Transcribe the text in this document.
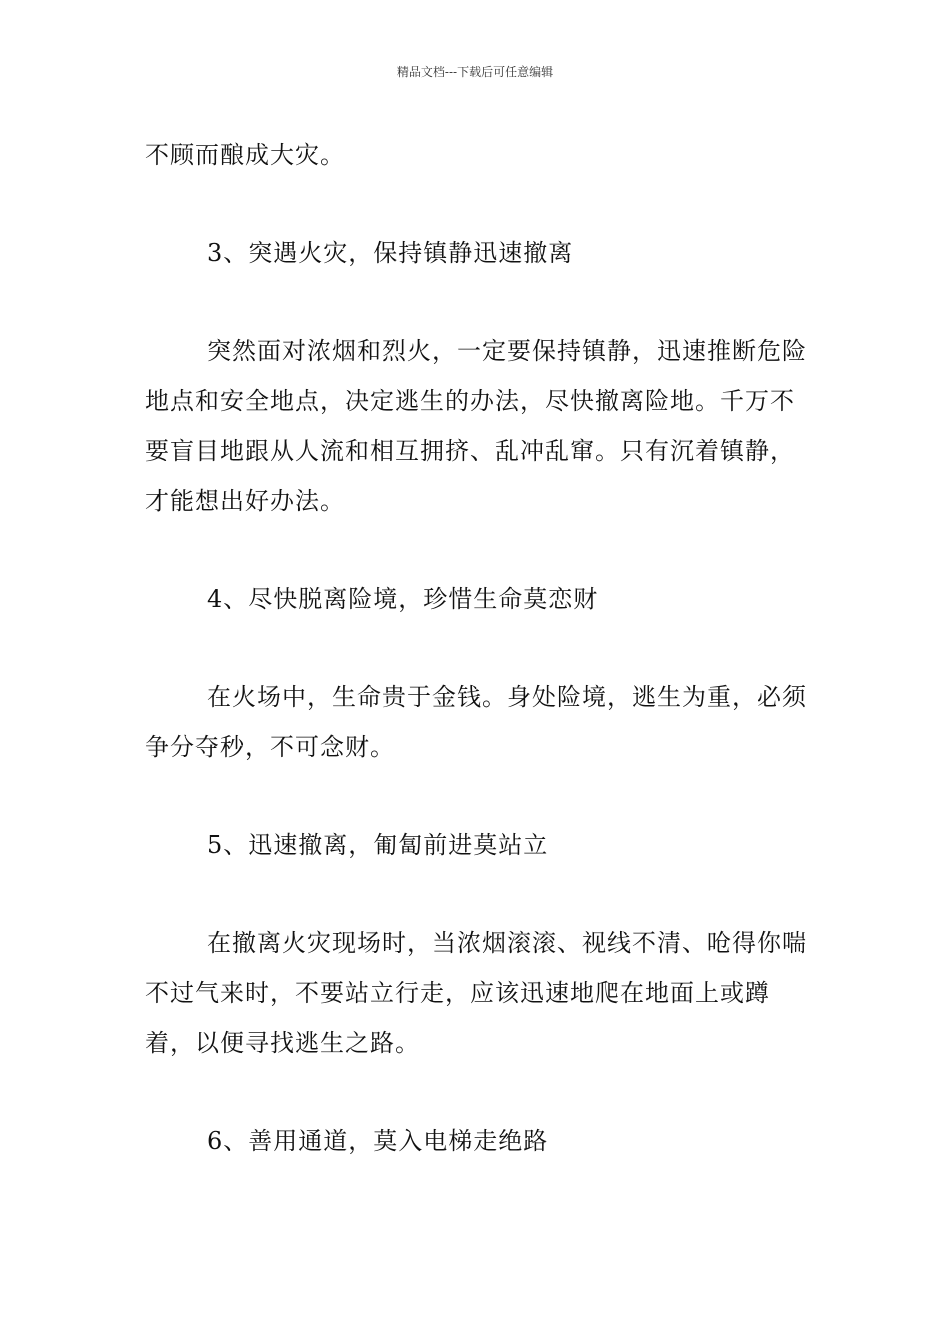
精品文档---下载后可任意编辑

不顾而酿成大灾。

3、突遇火灾，保持镇静迅速撤离

突然面对浓烟和烈火，一定要保持镇静，迅速推断危险地点和安全地点，决定逃生的办法，尽快撤离险地。千万不要盲目地跟从人流和相互拥挤、乱冲乱窜。只有沉着镇静，才能想出好办法。

4、尽快脱离险境，珍惜生命莫恋财

在火场中，生命贵于金钱。身处险境，逃生为重，必须争分夺秒，不可念财。

5、迅速撤离，匍匐前进莫站立

在撤离火灾现场时，当浓烟滚滚、视线不清、呛得你喘不过气来时，不要站立行走，应该迅速地爬在地面上或蹲着，以便寻找逃生之路。

6、善用通道，莫入电梯走绝路
